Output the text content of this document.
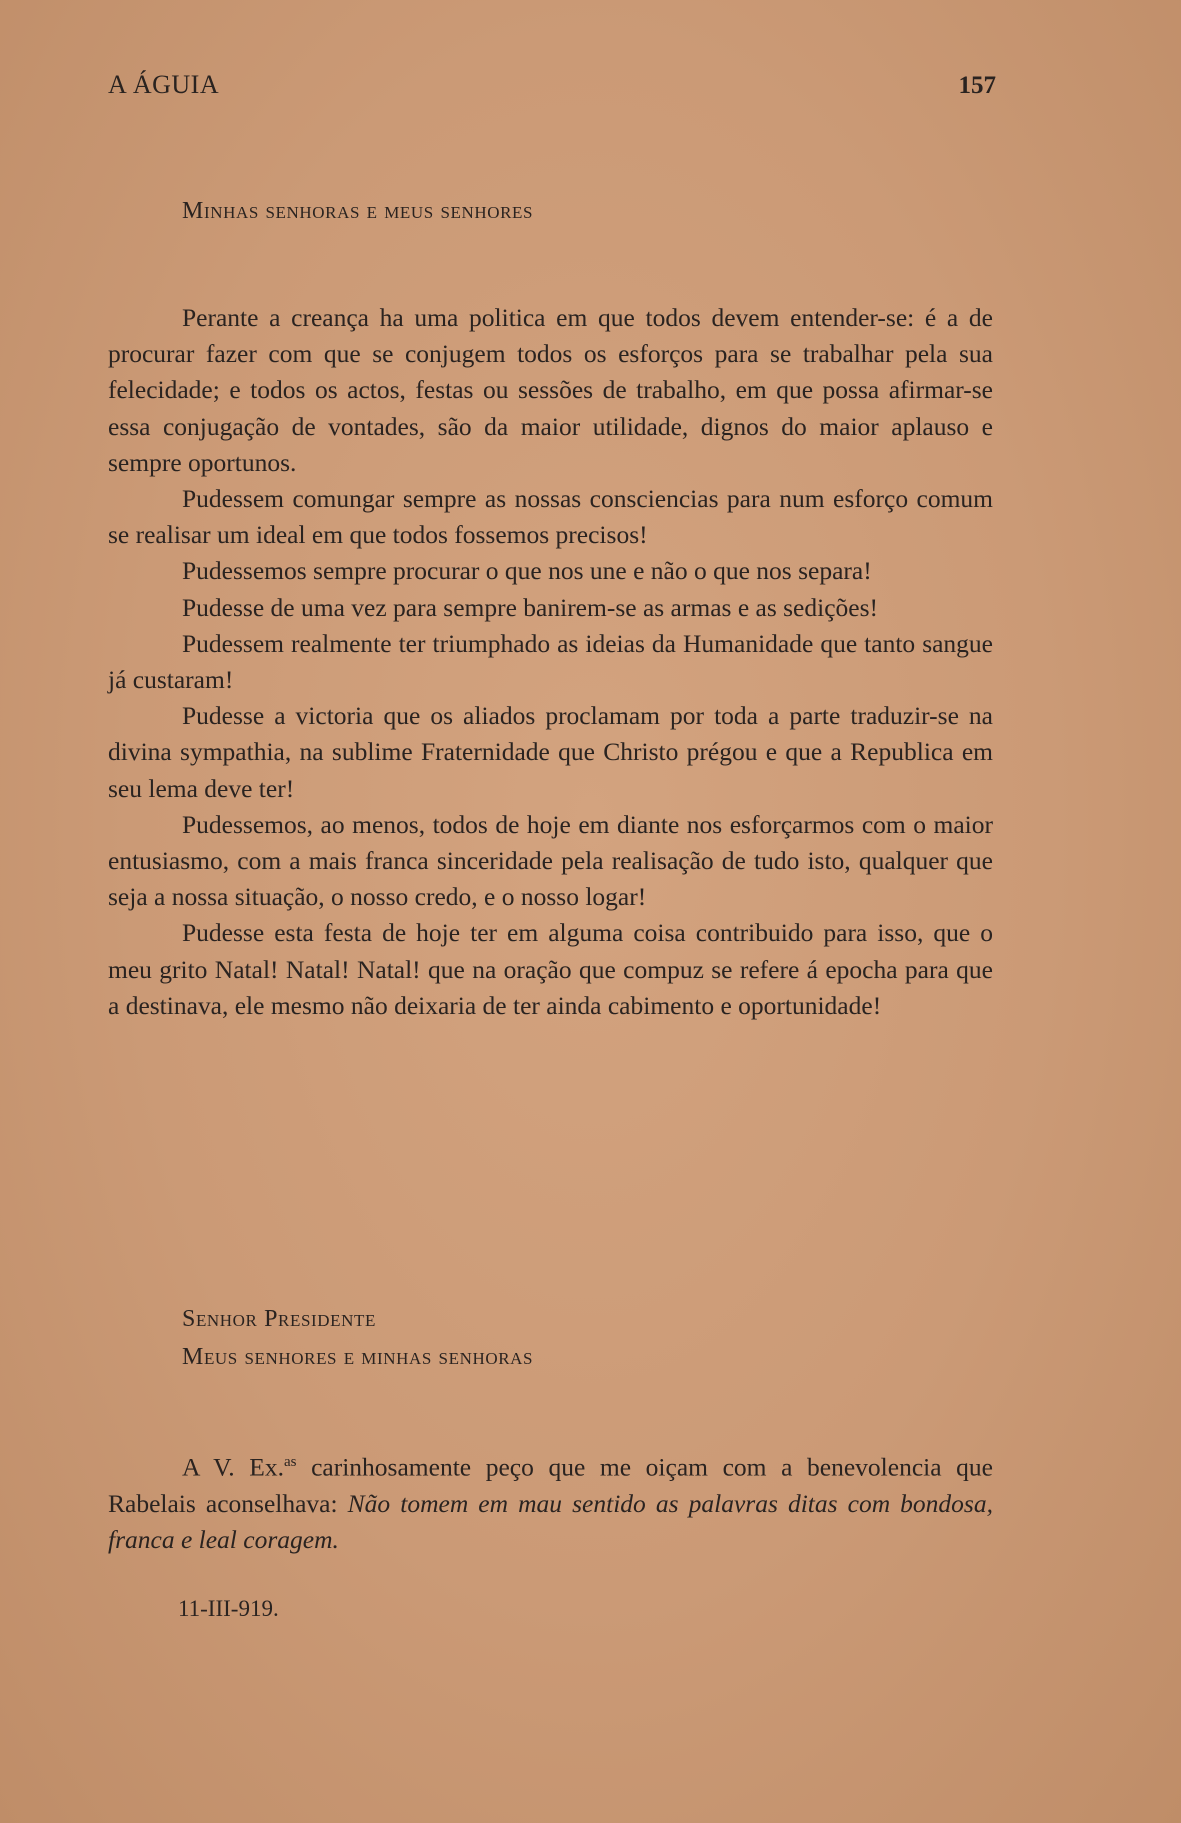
A ÁGUIA	157
Minhas senhoras e meus senhores

Perante a creança ha uma politica em que todos devem entender-se: é a de procurar fazer com que se conjugem todos os esforços para se trabalhar pela sua felecidade; e todos os actos, festas ou sessões de trabalho, em que possa afirmar-se essa conjugação de vontades, são da maior utilidade, dignos do maior aplauso e sempre oportunos.

Pudessem comungar sempre as nossas consciencias para num esforço comum se realisar um ideal em que todos fossemos precisos!

Pudessemos sempre procurar o que nos une e não o que nos separa!

Pudesse de uma vez para sempre banirem-se as armas e as sedições!

Pudessem realmente ter triumphado as ideias da Humanidade que tanto sangue já custaram!

Pudesse a victoria que os aliados proclamam por toda a parte traduzir-se na divina sympathia, na sublime Fraternidade que Christo prégou e que a Republica em seu lema deve ter!

Pudessemos, ao menos, todos de hoje em diante nos esforçarmos com o maior entusiasmo, com a mais franca sinceridade pela realisação de tudo isto, qualquer que seja a nossa situação, o nosso credo, e o nosso logar!

Pudesse esta festa de hoje ter em alguma coisa contribuido para isso, que o meu grito Natal! Natal! Natal! que na oração que compuz se refere á epocha para que a destinava, ele mesmo não deixaria de ter ainda cabimento e oportunidade!

Senhor Presidente
Meus senhores e minhas senhoras

A V. Ex.$^{as}$ carinhosamente peço que me oiçam com a benevolencia que Rabelais aconselhava: Não tomem em mau sentido as palavras ditas com bondosa, franca e leal coragem.

11-III-919.
